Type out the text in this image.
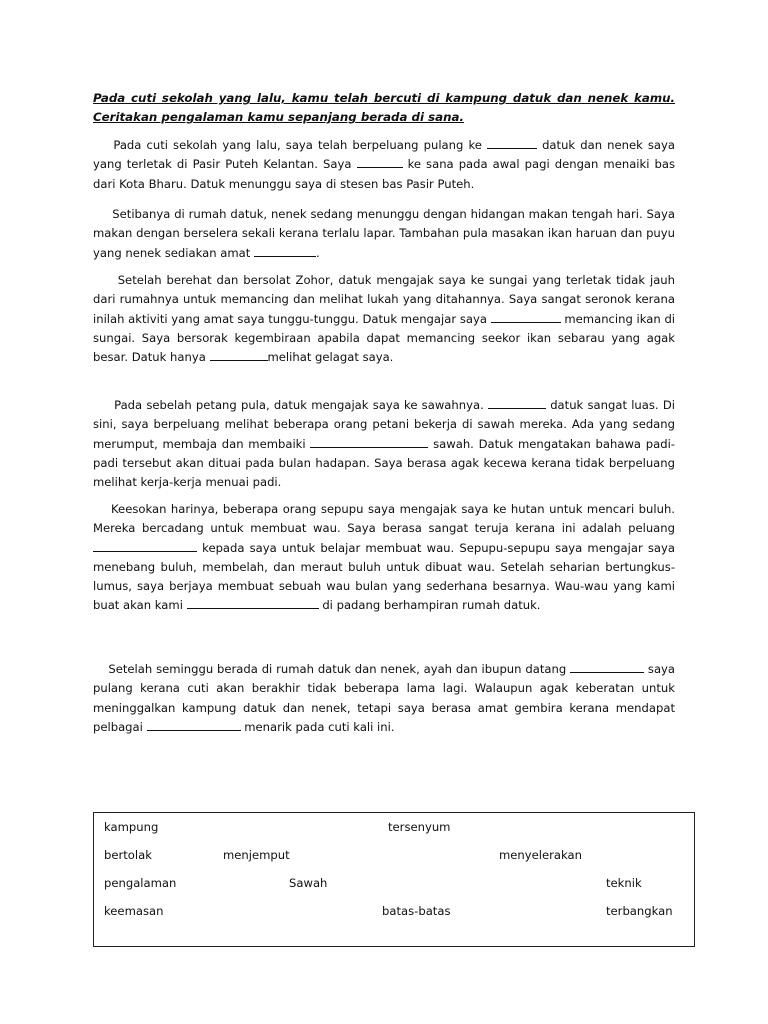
Pada cuti sekolah yang lalu, kamu telah bercuti di kampung datuk dan nenek kamu. Ceritakan pengalaman kamu sepanjang berada di sana.

Pada cuti sekolah yang lalu, saya telah berpeluang pulang ke	datuk dan nenek saya yang terletak di Pasir Puteh Kelantan. Saya	ke sana pada awal pagi dengan menaiki bas dari Kota Bharu. Datuk menunggu saya di stesen bas Pasir Puteh.

Setibanya di rumah datuk, nenek sedang menunggu dengan hidangan makan tengah hari. Saya makan dengan berselera sekali kerana terlalu lapar. Tambahan pula masakan ikan haruan dan puyu yang nenek sediakan amat	.

Setelah berehat dan bersolat Zohor, datuk mengajak saya ke sungai yang terletak tidak jauh dari rumahnya untuk memancing dan melihat lukah yang ditahannya. Saya sangat seronok kerana inilah aktiviti yang amat saya tunggu-tunggu. Datuk mengajar saya	memancing ikan di sungai. Saya bersorak kegembiraan apabila dapat memancing seekor ikan sebarau yang agak besar. Datuk hanya	melihat gelagat saya.

Pada sebelah petang pula, datuk mengajak saya ke sawahnya.	datuk sangat luas. Di sini, saya berpeluang melihat beberapa orang petani bekerja di sawah mereka. Ada yang sedang merumput, membaja dan membaiki	sawah. Datuk mengatakan bahawa padi-padi tersebut akan dituai pada bulan hadapan. Saya berasa agak kecewa kerana tidak berpeluang melihat kerja-kerja menuai padi.

Keesokan harinya, beberapa orang sepupu saya mengajak saya ke hutan untuk mencari buluh. Mereka bercadang untuk membuat wau. Saya berasa sangat teruja kerana ini adalah peluang  kepada saya untuk belajar membuat wau. Sepupu-sepupu saya mengajar saya menebang buluh, membelah, dan meraut buluh untuk dibuat wau. Setelah seharian bertungkus-lumus, saya berjaya membuat sebuah wau bulan yang sederhana besarnya. Wau-wau yang kami buat akan kami	di padang berhampiran rumah datuk.

Setelah seminggu berada di rumah datuk dan nenek, ayah dan ibupun datang	saya pulang kerana cuti akan berakhir tidak beberapa lama lagi. Walaupun agak keberatan untuk meninggalkan kampung datuk dan nenek, tetapi saya berasa amat gembira kerana mendapat pelbagai	menarik pada cuti kali ini.

kampung	tersenyum
bertolak	menjemput	menyelerakan
pengalaman	Sawah	teknik
keemasan	batas-batas	terbangkan
